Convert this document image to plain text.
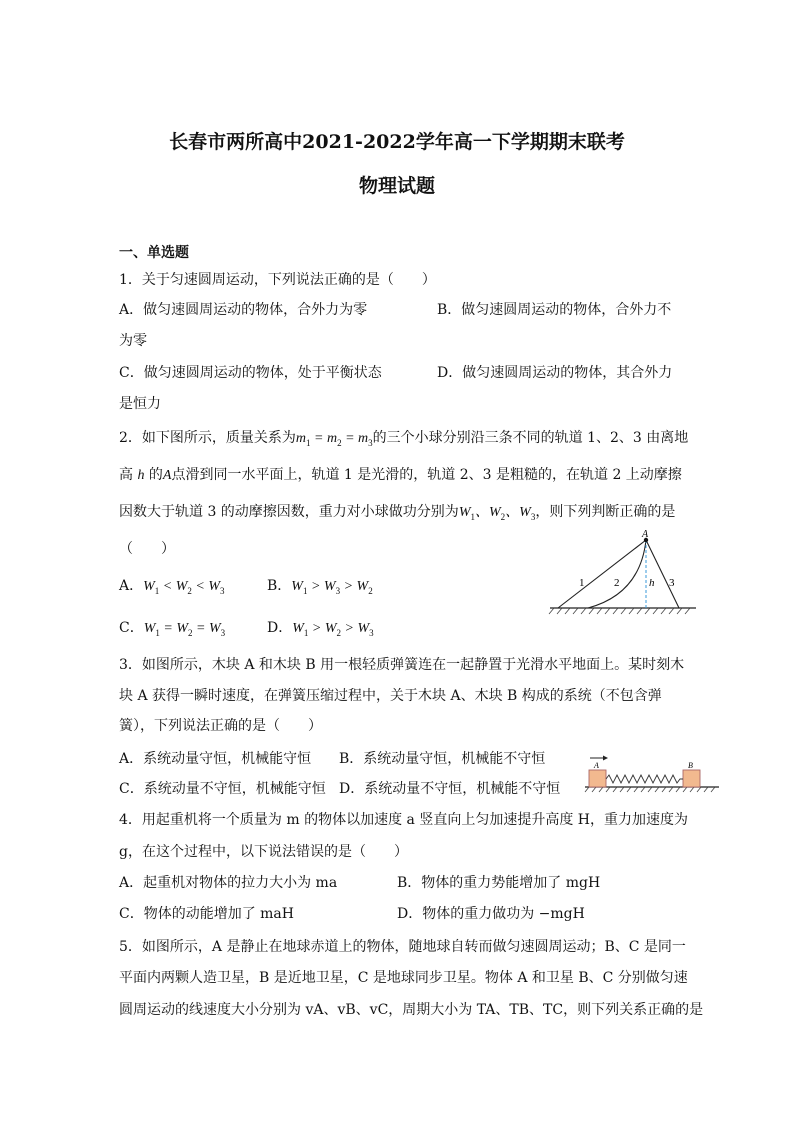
长春市两所高中2021-2022学年高一下学期期末联考
物理试题
一、单选题
1．关于匀速圆周运动，下列说法正确的是（　　）
A．做匀速圆周运动的物体，合外力为零	B．做匀速圆周运动的物体，合外力不
为零
C．做匀速圆周运动的物体，处于平衡状态	D．做匀速圆周运动的物体，其合外力
是恒力
2．如下图所示，质量关系为$m_1 = m_2 = m_3$的三个小球分别沿三条不同的轨道 1、2、3 由离地
高 h 的A点滑到同一水平面上，轨道 1 是光滑的，轨道 2、3 是粗糙的，在轨道 2 上动摩擦
因数大于轨道 3 的动摩擦因数，重力对小球做功分别为$W_1$、$W_2$、$W_3$，则下列判断正确的是
（　　）
A．$W_1 < W_2 < W_3$	B．$W_1 > W_3 > W_2$
C．$W_1 = W_2 = W_3$	D．$W_1 > W_2 > W_3$
A
1	2	h 3
3．如图所示，木块 A 和木块 B 用一根轻质弹簧连在一起静置于光滑水平地面上。某时刻木
块 A 获得一瞬时速度，在弹簧压缩过程中，关于木块 A、木块 B 构成的系统（不包含弹
簧），下列说法正确的是（　　）
A．系统动量守恒，机械能守恒 B．系统动量守恒，机械能不守恒
C．系统动量不守恒，机械能守恒 D．系统动量不守恒，机械能不守恒
A	B
4．用起重机将一个质量为 m 的物体以加速度 a 竖直向上匀加速提升高度 H，重力加速度为
g，在这个过程中，以下说法错误的是（　　）
A．起重机对物体的拉力大小为 ma	B．物体的重力势能增加了 mgH
C．物体的动能增加了 maH	D．物体的重力做功为 −mgH
5．如图所示，A 是静止在地球赤道上的物体，随地球自转而做匀速圆周运动；B、C 是同一
平面内两颗人造卫星，B 是近地卫星，C 是地球同步卫星。物体 A 和卫星 B、C 分别做匀速
圆周运动的线速度大小分别为 vA、vB、vC，周期大小为 TA、TB、TC，则下列关系正确的是
